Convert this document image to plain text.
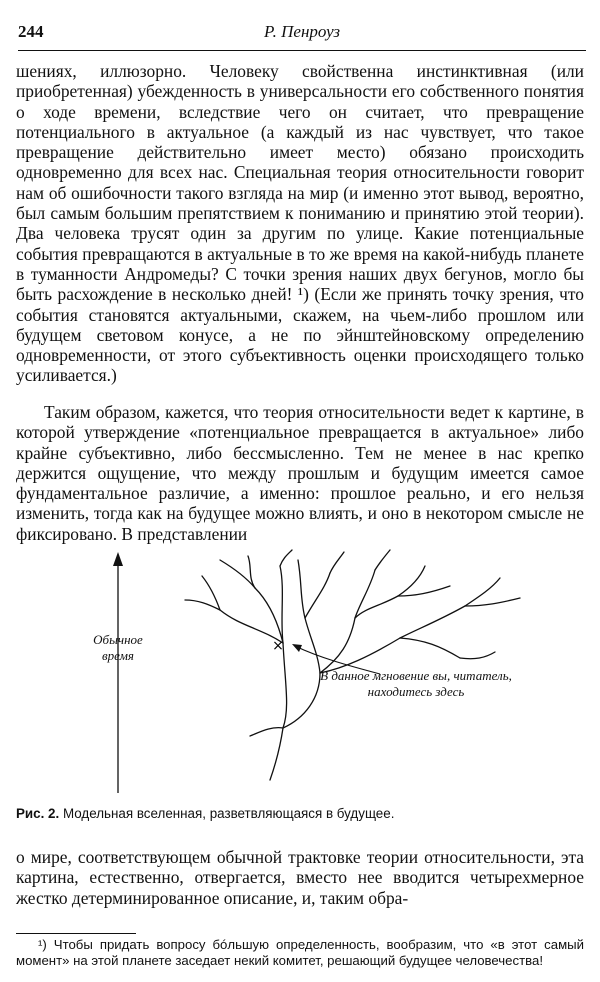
244	Р. Пенроуз

шениях, иллюзорно. Человеку свойственна инстинктивная (или приобретенная) убежденность в универсальности его собственного понятия о ходе времени, вследствие чего он считает, что превращение потенциального в актуальное (а каждый из нас чувствует, что такое превращение действительно имеет место) обязано происходить одновременно для всех нас. Специальная теория относительности говорит нам об ошибочности такого взгляда на мир (и именно этот вывод, вероятно, был самым большим препятствием к пониманию и принятию этой теории). Два человека трусят один за другим по улице. Какие потенциальные события превращаются в актуальные в то же время на какой-нибудь планете в туманности Андромеды? С точки зрения наших двух бегунов, могло бы быть расхождение в несколько дней! ¹) (Если же принять точку зрения, что события становятся актуальными, скажем, на чьем-либо прошлом или будущем световом конусе, а не по эйнштейновскому определению одновременности, от этого субъективность оценки происходящего только усиливается.)

Таким образом, кажется, что теория относительности ведет к картине, в которой утверждение «потенциальное превращается в актуальное» либо крайне субъективно, либо бессмысленно. Тем не менее в нас крепко держится ощущение, что между прошлым и будущим имеется самое фундаментальное различие, а именно: прошлое реально, и его нельзя изменить, тогда как на будущее можно влиять, и оно в некотором смысле не фиксировано. В представлении

×
Обычное время
В данное мгновение вы, читатель, находитесь здесь
Рис. 2. Модельная вселенная, разветвляющаяся в будущее.

о мире, соответствующем обычной трактовке теории относительности, эта картина, естественно, отвергается, вместо нее вводится четырехмерное жестко детерминированное описание, и, таким обра-

¹) Чтобы придать вопросу бóльшую определенность, вообразим, что «в этот самый момент» на этой планете заседает некий комитет, решающий будущее человечества!
